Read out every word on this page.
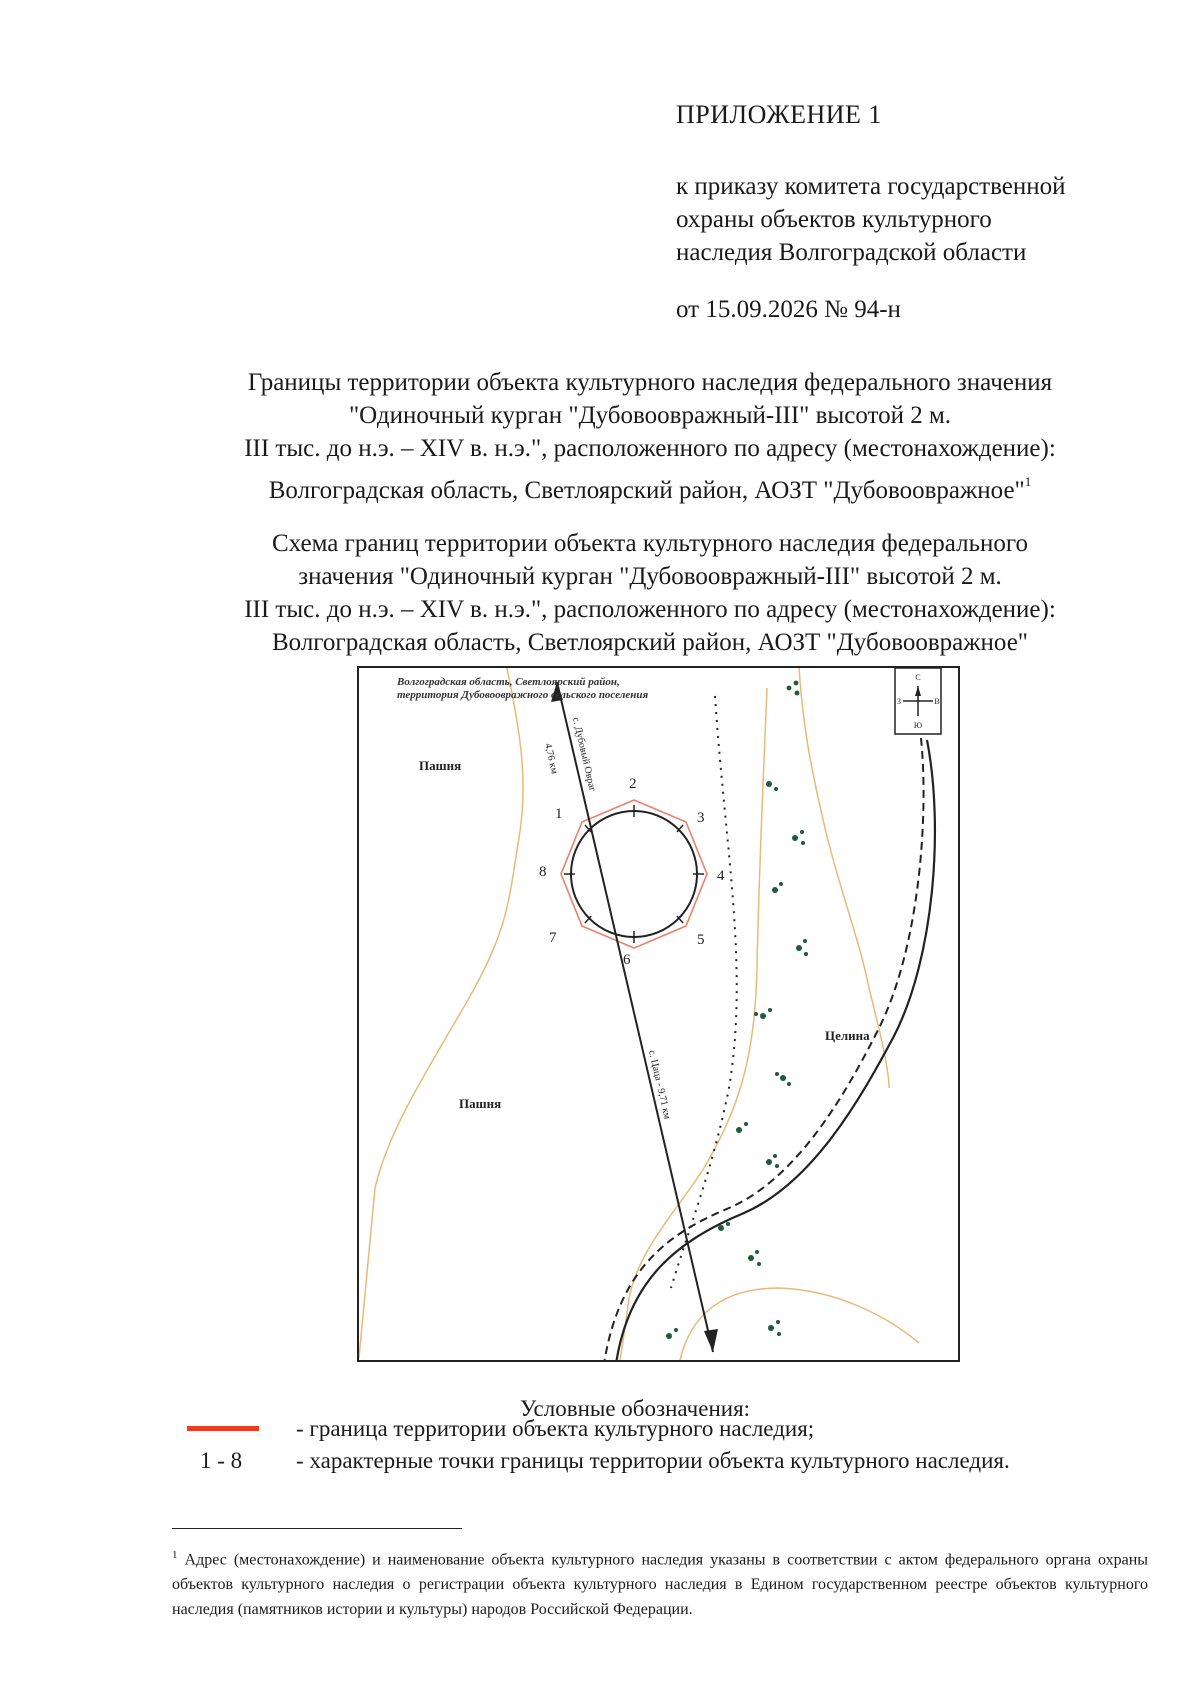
ПРИЛОЖЕНИЕ 1
к приказу комитета государственной
охраны объектов культурного
наследия Волгоградской области
от 15.09.2026 № 94-н
Границы территории объекта культурного наследия федерального значения
"Одиночный курган "Дубовоовражный-III" высотой 2 м.
III тыс. до н.э. – XIV в. н.э.", расположенного по адресу (местонахождение):
Волгоградская область, Светлоярский район, АОЗТ "Дубовоовражное"$^1$
Схема границ территории объекта культурного наследия федерального
значения "Одиночный курган "Дубовоовражный-III" высотой 2 м.
III тыс. до н.э. – XIV в. н.э.", расположенного по адресу (местонахождение):
Волгоградская область, Светлоярский район, АОЗТ "Дубовоовражное"
С
Ю
З	В
1
2
3
4
5
6
7
8
Пашня
Пашня
Целина
с. Дубовый Овраг
4,76 км
с. Цаца - 9,71 км
Волгоградская область, Светлоярский район,
территория Дубовоовражного сельского поселения
Условные обозначения:
- граница территории объекта культурного наследия;
1 - 8 - характерные точки границы территории объекта культурного наследия.
$^1$ Адрес (местонахождение) и наименование объекта культурного наследия указаны в соответствии с актом федерального органа охраны объектов культурного наследия о регистрации объекта культурного наследия в Едином государственном реестре объектов культурного наследия (памятников истории и культуры) народов Российской Федерации.
